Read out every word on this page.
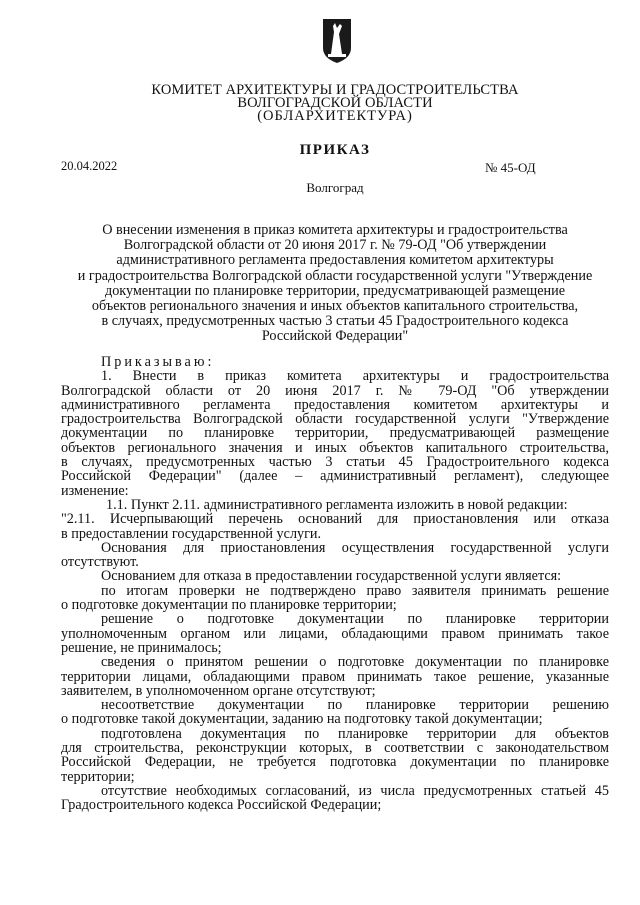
КОМИТЕТ АРХИТЕКТУРЫ И ГРАДОСТРОИТЕЛЬСТВА
ВОЛГОГРАДСКОЙ ОБЛАСТИ
(ОБЛАРХИТЕКТУРА)
ПРИКАЗ
20.04.2022	№ 45-ОД
Волгоград
О внесении изменения в приказ комитета архитектуры и градостроительства
Волгоградской области от 20 июня 2017 г. № 79-ОД "Об утверждении
административного регламента предоставления комитетом архитектуры
и градостроительства Волгоградской области государственной услуги "Утверждение
документации по планировке территории, предусматривающей размещение
объектов регионального значения и иных объектов капитального строительства,
в случаях, предусмотренных частью 3 статьи 45 Градостроительного кодекса
Российской Федерации"

Приказываю:

1. Внести в приказ комитета архитектуры и градостроительства

Волгоградской области от 20 июня 2017 г. № 79-ОД "Об утверждении

административного регламента предоставления комитетом архитектуры и

градостроительства Волгоградской области государственной услуги "Утверждение

документации по планировке территории, предусматривающей размещение

объектов регионального значения и иных объектов капитального строительства,

в случаях, предусмотренных частью 3 статьи 45 Градостроительного кодекса

Российской Федерации" (далее – административный регламент), следующее

изменение:

1.1. Пункт 2.11. административного регламента изложить в новой редакции:

"2.11. Исчерпывающий перечень оснований для приостановления или отказа

в предоставлении государственной услуги.

Основания для приостановления осуществления государственной услуги

отсутствуют.

Основанием для отказа в предоставлении государственной услуги является:

по итогам проверки не подтверждено право заявителя принимать решение

о подготовке документации по планировке территории;

решение о подготовке документации по планировке территории

уполномоченным органом или лицами, обладающими правом принимать такое

решение, не принималось;

сведения о принятом решении о подготовке документации по планировке

территории лицами, обладающими правом принимать такое решение, указанные

заявителем, в уполномоченном органе отсутствуют;

несоответствие документации по планировке территории решению

о подготовке такой документации, заданию на подготовку такой документации;

подготовлена документация по планировке территории для объектов

для строительства, реконструкции которых, в соответствии с законодательством

Российской Федерации, не требуется подготовка документации по планировке

территории;

отсутствие необходимых согласований, из числа предусмотренных статьей 45

Градостроительного кодекса Российской Федерации;
